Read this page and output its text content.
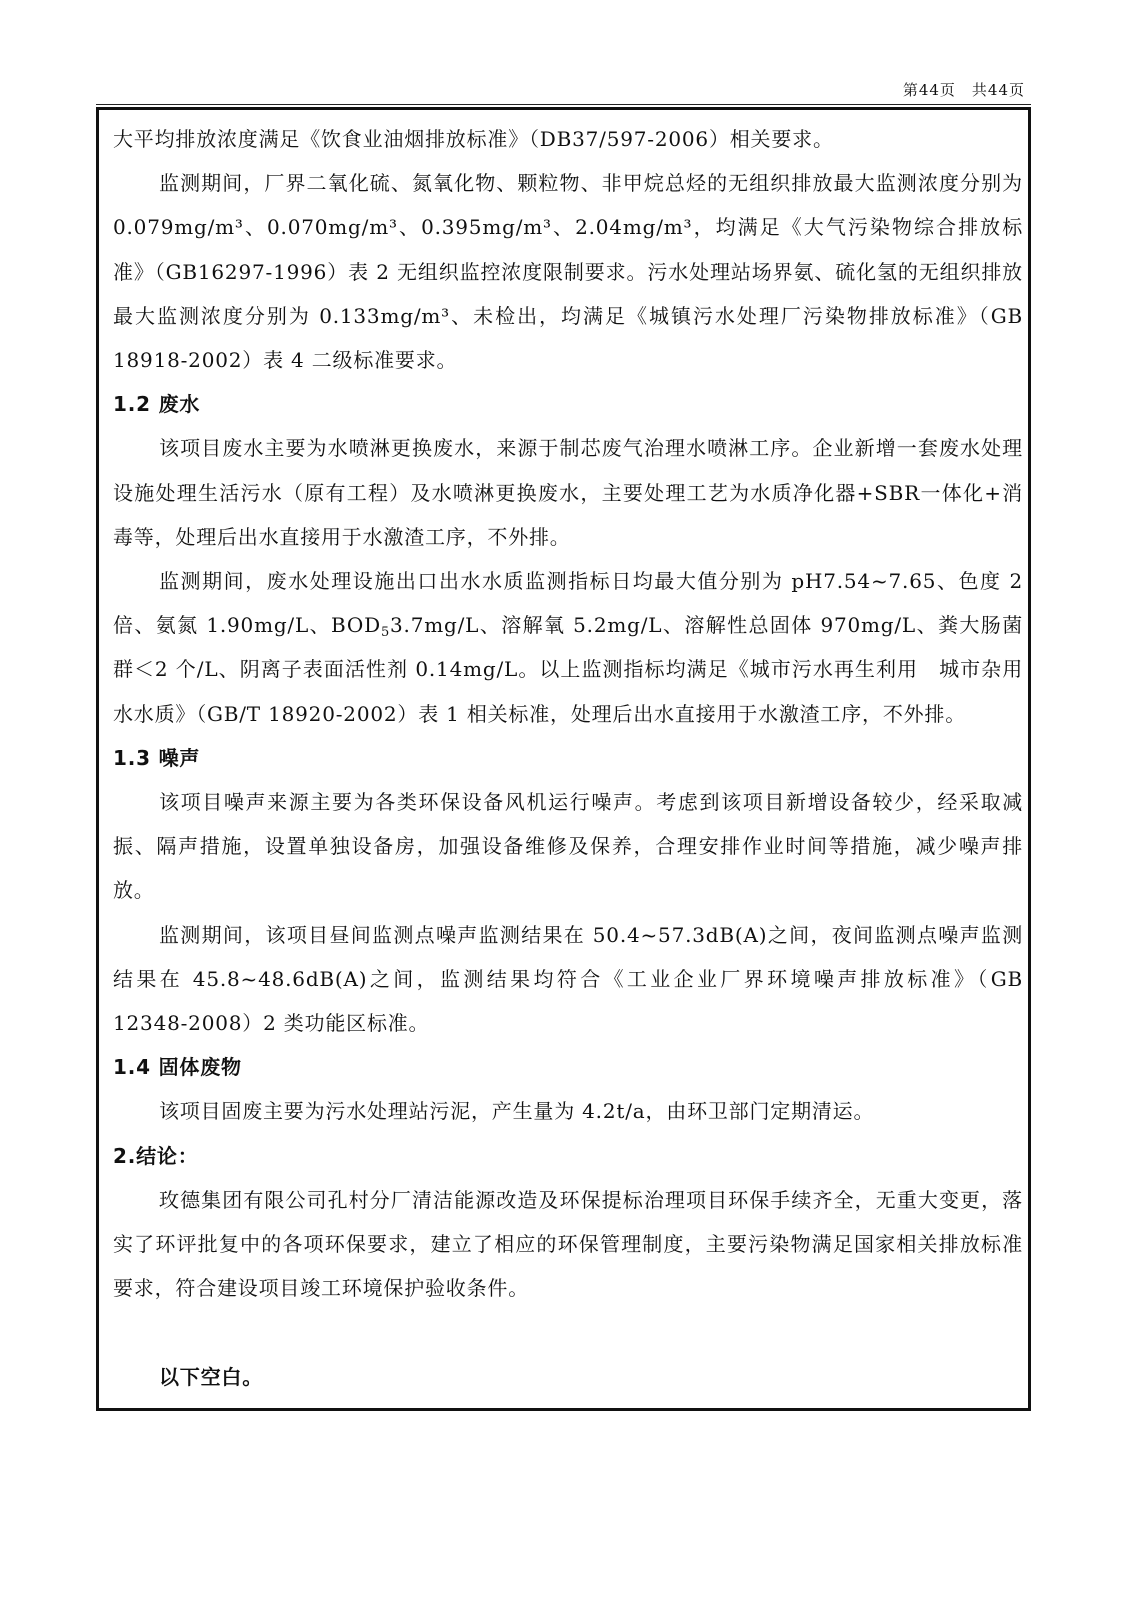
第44页　共44页

大平均排放浓度满足《饮食业油烟排放标准》（DB37/597-2006）相关要求。

监测期间，厂界二氧化硫、氮氧化物、颗粒物、非甲烷总烃的无组织排放最大监测浓度分别为 0.079mg/m³、0.070mg/m³、0.395mg/m³、2.04mg/m³，均满足《大气污染物综合排放标准》（GB16297-1996）表 2 无组织监控浓度限制要求。污水处理站场界氨、硫化氢的无组织排放最大监测浓度分别为 0.133mg/m³、未检出，均满足《城镇污水处理厂污染物排放标准》（GB 18918-2002）表 4 二级标准要求。

1.2 废水

该项目废水主要为水喷淋更换废水，来源于制芯废气治理水喷淋工序。企业新增一套废水处理设施处理生活污水（原有工程）及水喷淋更换废水，主要处理工艺为水质净化器+SBR一体化+消毒等，处理后出水直接用于水激渣工序，不外排。

监测期间，废水处理设施出口出水水质监测指标日均最大值分别为 pH7.54~7.65、色度 2 倍、氨氮 1.90mg/L、$BOD_53.7mg/L$、溶解氧 5.2mg/L、溶解性总固体 970mg/L、粪大肠菌群＜2 个/L、阴离子表面活性剂 0.14mg/L。以上监测指标均满足《城市污水再生利用　城市杂用水水质》（GB/T 18920-2002）表 1 相关标准，处理后出水直接用于水激渣工序，不外排。

1.3 噪声

该项目噪声来源主要为各类环保设备风机运行噪声。考虑到该项目新增设备较少，经采取减振、隔声措施，设置单独设备房，加强设备维修及保养，合理安排作业时间等措施，减少噪声排放。

监测期间，该项目昼间监测点噪声监测结果在 50.4~57.3dB(A)之间，夜间监测点噪声监测结果在 45.8~48.6dB(A)之间，监测结果均符合《工业企业厂界环境噪声排放标准》（GB 12348-2008）2 类功能区标准。

1.4 固体废物

该项目固废主要为污水处理站污泥，产生量为 4.2t/a，由环卫部门定期清运。

2.结论：

玫德集团有限公司孔村分厂清洁能源改造及环保提标治理项目环保手续齐全，无重大变更，落实了环评批复中的各项环保要求，建立了相应的环保管理制度，主要污染物满足国家相关排放标准要求，符合建设项目竣工环境保护验收条件。

以下空白。
